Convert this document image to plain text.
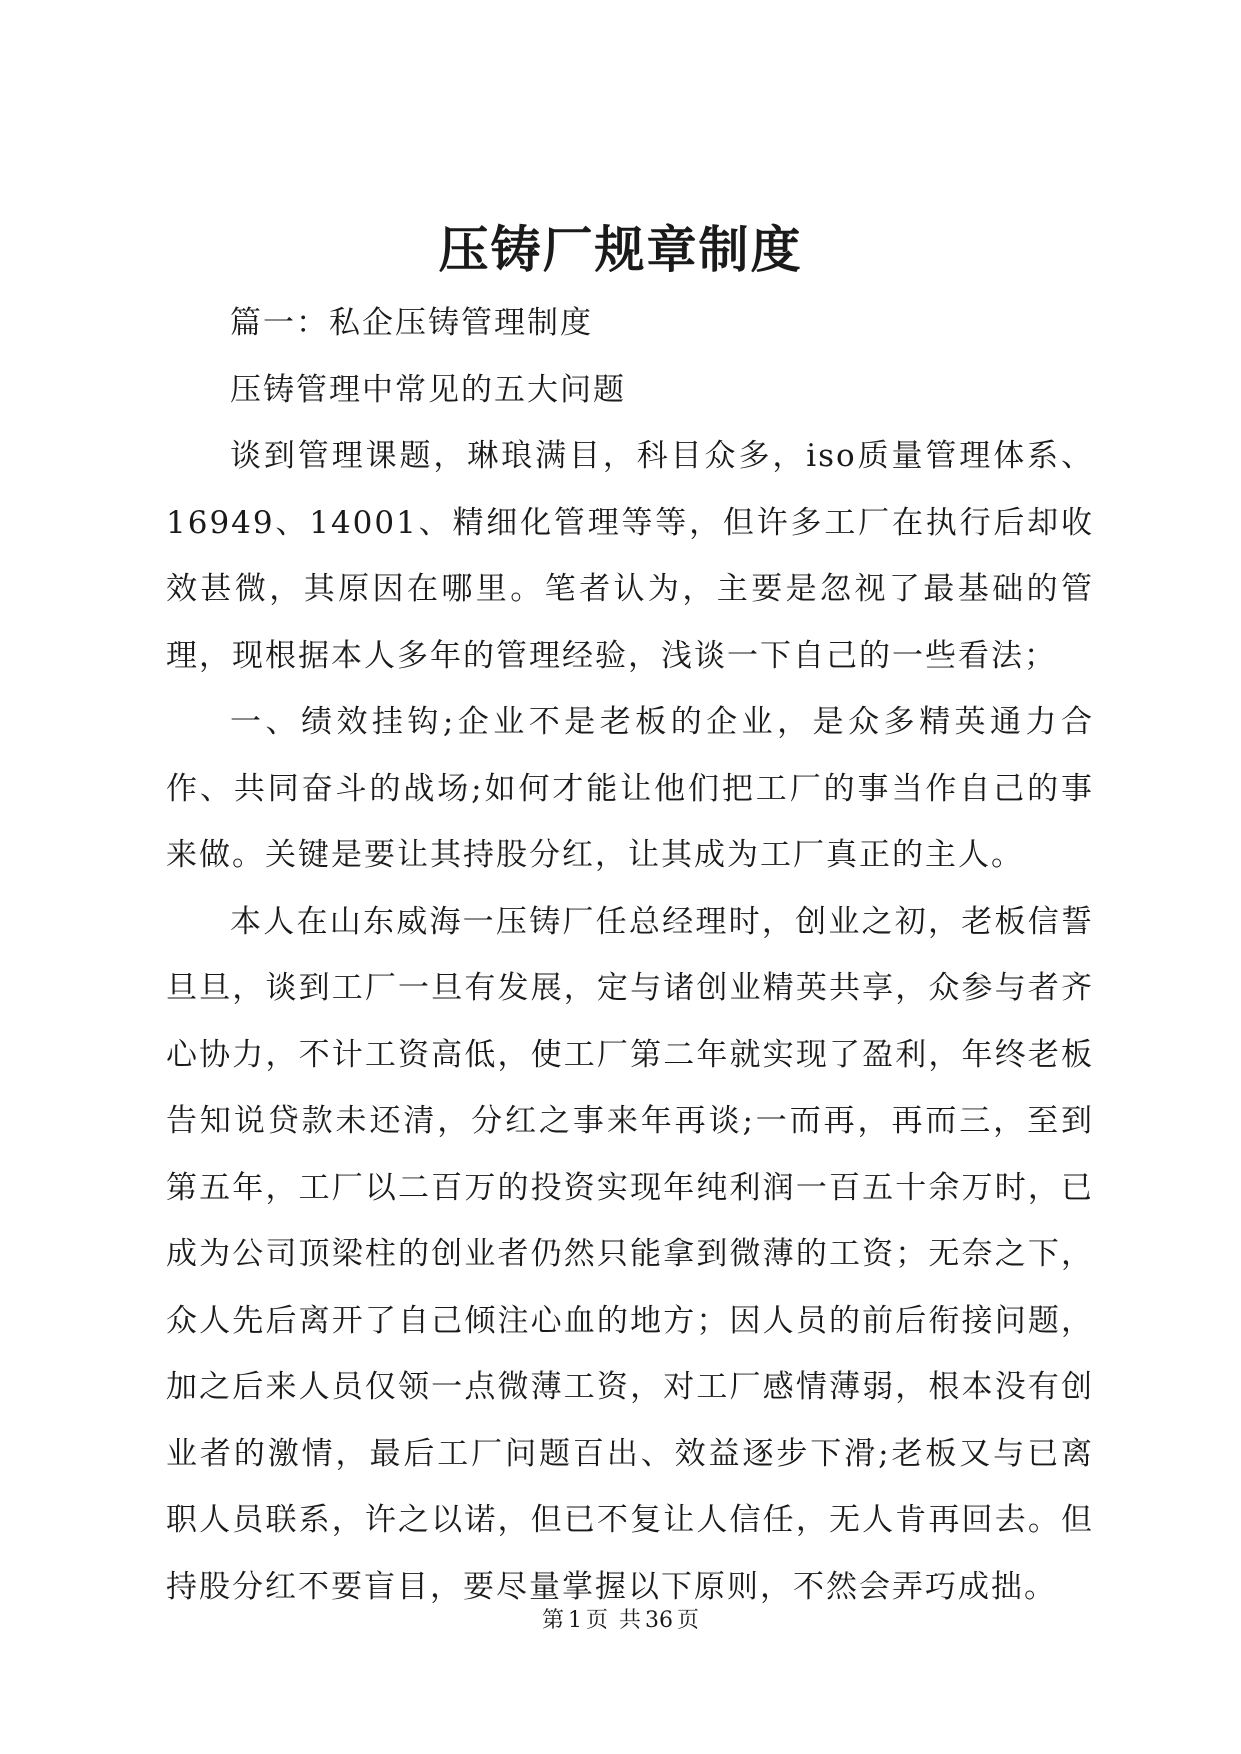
压铸厂规章制度

篇一：私企压铸管理制度

压铸管理中常见的五大问题

谈到管理课题，琳琅满目，科目众多，iso质量管理体系、16949、14001、精细化管理等等，但许多工厂在执行后却收效甚微，其原因在哪里。笔者认为，主要是忽视了最基础的管理，现根据本人多年的管理经验，浅谈一下自己的一些看法；

一、绩效挂钩;企业不是老板的企业，是众多精英通力合作、共同奋斗的战场;如何才能让他们把工厂的事当作自己的事来做。关键是要让其持股分红，让其成为工厂真正的主人。

本人在山东威海一压铸厂任总经理时，创业之初，老板信誓旦旦，谈到工厂一旦有发展，定与诸创业精英共享，众参与者齐心协力，不计工资高低，使工厂第二年就实现了盈利，年终老板告知说贷款未还清，分红之事来年再谈;一而再，再而三，至到第五年，工厂以二百万的投资实现年纯利润一百五十余万时，已成为公司顶梁柱的创业者仍然只能拿到微薄的工资；无奈之下，众人先后离开了自己倾注心血的地方；因人员的前后衔接问题，加之后来人员仅领一点微薄工资，对工厂感情薄弱，根本没有创业者的激情，最后工厂问题百出、效益逐步下滑;老板又与已离职人员联系，许之以诺，但已不复让人信任，无人肯再回去。但持股分红不要盲目，要尽量掌握以下原则，不然会弄巧成拙。

第 1 页 共 36 页
